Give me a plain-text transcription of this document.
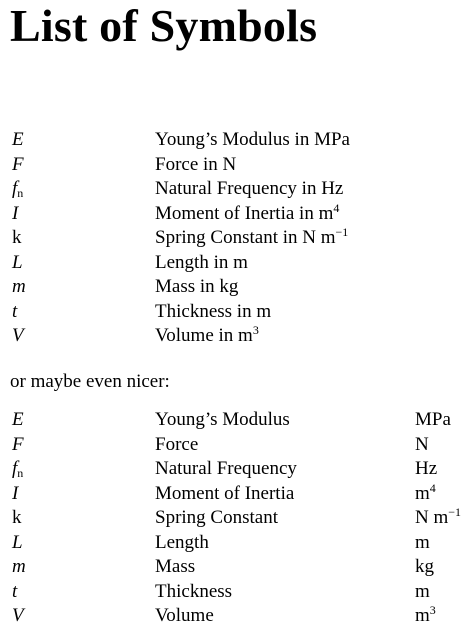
List of Symbols
E	Young’s Modulus in MPa
F	Force in N
$f_n$	Natural Frequency in Hz
I	Moment of Inertia in $m^4$
k	Spring Constant in N $m^{-1}$
L	Length in m
m	Mass in kg
t	Thickness in m
V	Volume in $m^3$
or maybe even nicer:
E	Young’s Modulus	MPa
F	Force	N
$f_n$	Natural Frequency	Hz
I	Moment of Inertia	$m^4$
k	Spring Constant	N $m^{-1}$
L	Length	m
m	Mass	kg
t	Thickness	m
V	Volume	$m^3$
